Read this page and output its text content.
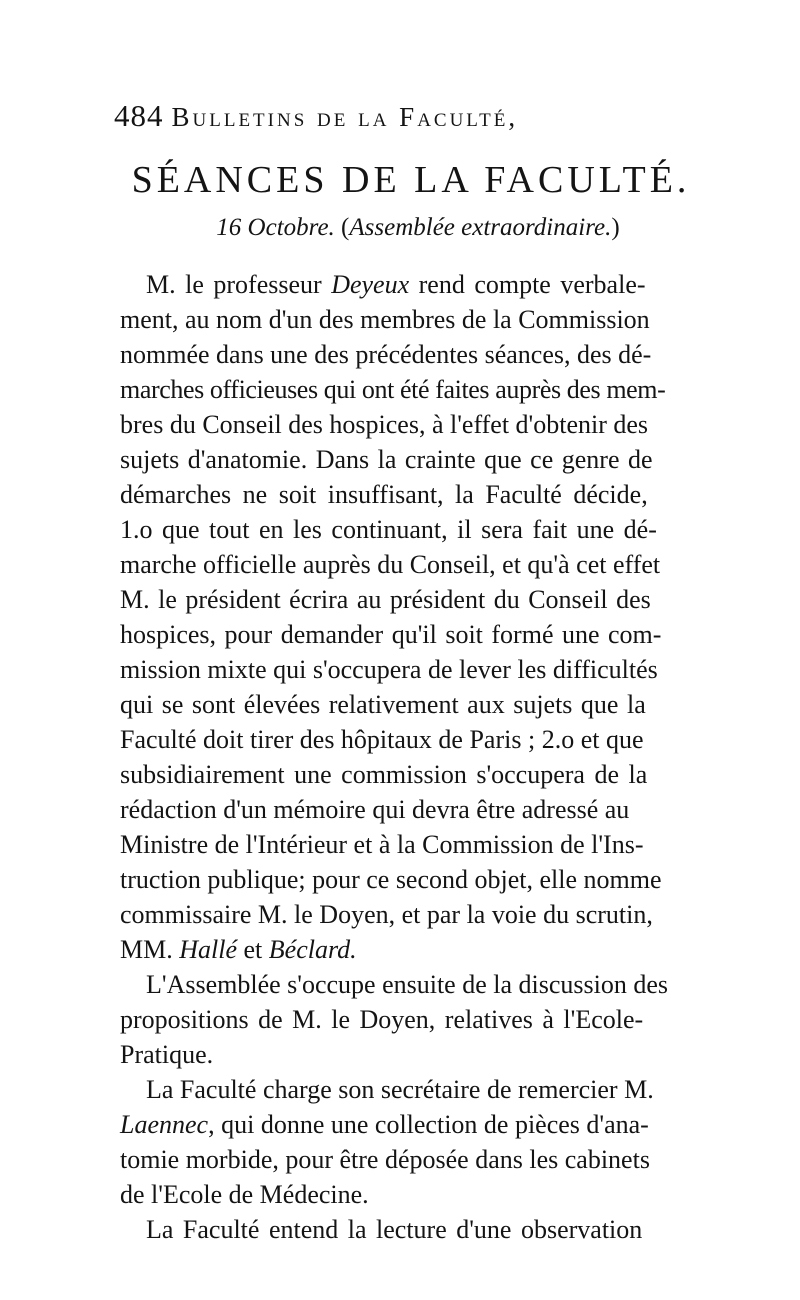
484 Bulletins de la Faculté,
SÉANCES DE LA FACULTÉ.
16 Octobre. (Assemblée extraordinaire.)
M. le professeur Deyeux rend compte verbale-
ment, au nom d'un des membres de la Commission
nommée dans une des précédentes séances, des dé-
marches officieuses qui ont été faites auprès des mem-
bres du Conseil des hospices, à l'effet d'obtenir des
sujets d'anatomie. Dans la crainte que ce genre de
démarches ne soit insuffisant, la Faculté décide,
1.o que tout en les continuant, il sera fait une dé-
marche officielle auprès du Conseil, et qu'à cet effet
M. le président écrira au président du Conseil des
hospices, pour demander qu'il soit formé une com-
mission mixte qui s'occupera de lever les difficultés
qui se sont élevées relativement aux sujets que la
Faculté doit tirer des hôpitaux de Paris ; 2.o et que
subsidiairement une commission s'occupera de la
rédaction d'un mémoire qui devra être adressé au
Ministre de l'Intérieur et à la Commission de l'Ins-
truction publique; pour ce second objet, elle nomme
commissaire M. le Doyen, et par la voie du scrutin,
MM. Hallé et Béclard.
L'Assemblée s'occupe ensuite de la discussion des
propositions de M. le Doyen, relatives à l'Ecole-
Pratique.
La Faculté charge son secrétaire de remercier M.
Laennec, qui donne une collection de pièces d'ana-
tomie morbide, pour être déposée dans les cabinets
de l'Ecole de Médecine.
La Faculté entend la lecture d'une observation
